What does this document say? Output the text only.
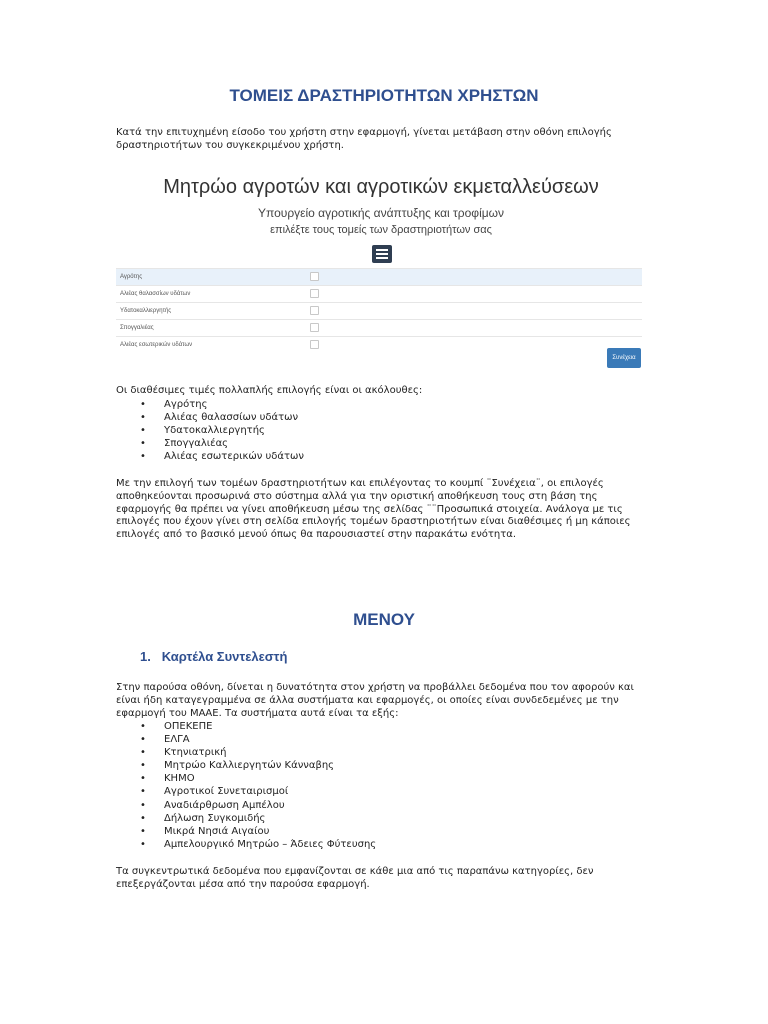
ΤΟΜΕΙΣ ΔΡΑΣΤΗΡΙΟΤΗΤΩΝ ΧΡΗΣΤΩΝ

Κατά την επιτυχημένη είσοδο του χρήστη στην εφαρμογή, γίνεται μετάβαση στην οθόνη επιλογής δραστηριοτήτων του συγκεκριμένου χρήστη.

Μητρώο αγροτών και αγροτικών εκμεταλλεύσεων
Υπουργείο αγροτικής ανάπτυξης και τροφίμων
επιλέξτε τους τομείς των δραστηριοτήτων σας
Αγρότης	
Αλιέας θαλασσίων υδάτων	
Υδατοκαλλιεργητής	
Σπογγαλιέας	
Αλιέας εσωτερικών υδάτων	
Συνέχεια

Οι διαθέσιμες τιμές πολλαπλής επιλογής είναι οι ακόλουθες:

• Αγρότης
• Αλιέας θαλασσίων υδάτων
• Υδατοκαλλιεργητής
• Σπογγαλιέας
• Αλιέας εσωτερικών υδάτων

Με την επιλογή των τομέων δραστηριοτήτων και επιλέγοντας το κουμπί ¨Συνέχεια¨, οι επιλογές αποθηκεύονται προσωρινά στο σύστημα αλλά για την οριστική αποθήκευση τους στη βάση της εφαρμογής θα πρέπει να γίνει αποθήκευση μέσω της σελίδας ¨¨Προσωπικά στοιχεία. Ανάλογα με τις επιλογές που έχουν γίνει στη σελίδα επιλογής τομέων δραστηριοτήτων είναι διαθέσιμες ή μη κάποιες επιλογές από το βασικό μενού όπως θα παρουσιαστεί στην παρακάτω ενότητα.

ΜΕΝΟΥ
1. Καρτέλα Συντελεστή

Στην παρούσα οθόνη, δίνεται η δυνατότητα στον χρήστη να προβάλλει δεδομένα που τον αφορούν και είναι ήδη καταγεγραμμένα σε άλλα συστήματα και εφαρμογές, οι οποίες είναι συνδεδεμένες με την εφαρμογή του ΜΑΑΕ. Τα συστήματα αυτά είναι τα εξής:

• ΟΠΕΚΕΠΕ
• ΕΛΓΑ
• Κτηνιατρική
• Μητρώο Καλλιεργητών Κάνναβης
• ΚΗΜΟ
• Αγροτικοί Συνεταιρισμοί
• Αναδιάρθρωση Αμπέλου
• Δήλωση Συγκομιδής
• Μικρά Νησιά Αιγαίου
• Αμπελουργικό Μητρώο – Άδειες Φύτευσης

Τα συγκεντρωτικά δεδομένα που εμφανίζονται σε κάθε μια από τις παραπάνω κατηγορίες, δεν επεξεργάζονται μέσα από την παρούσα εφαρμογή.
